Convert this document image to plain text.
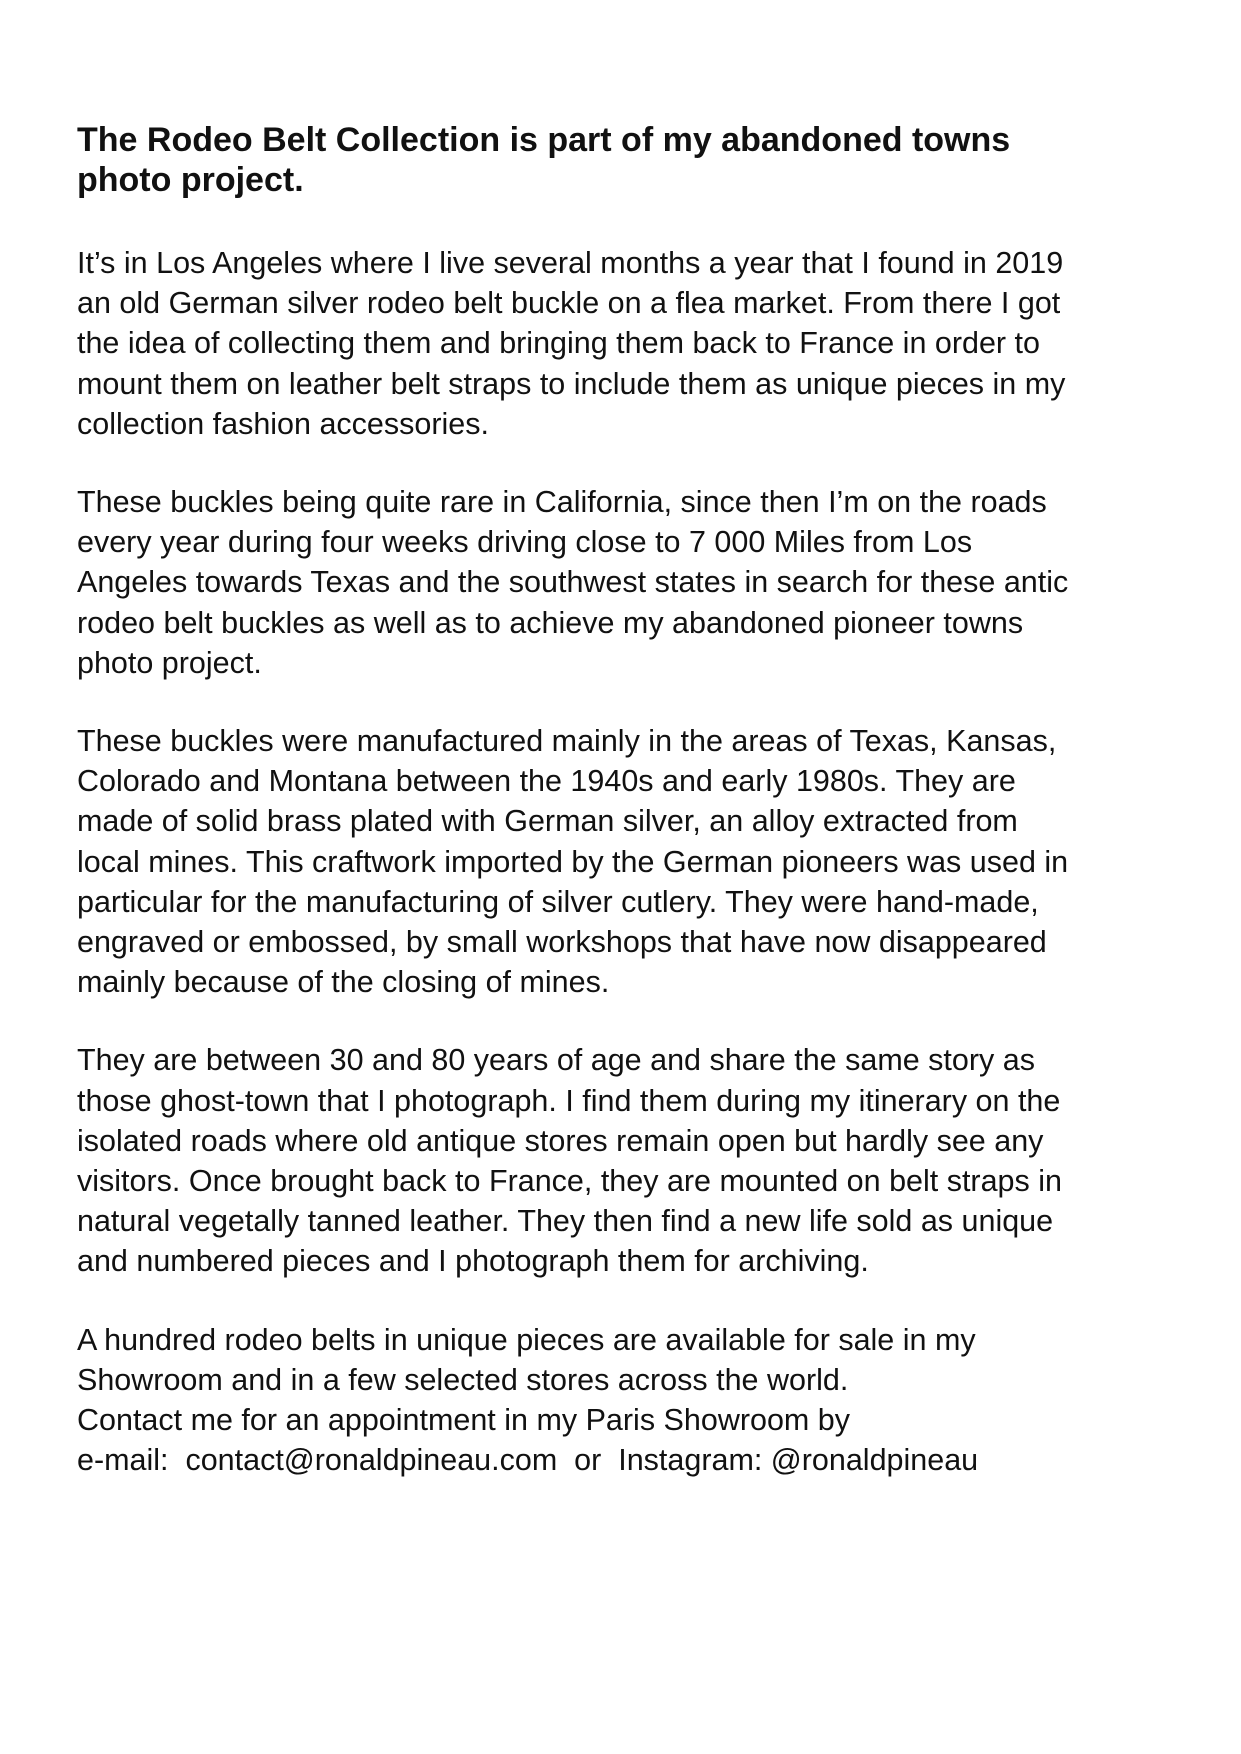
The Rodeo Belt Collection is part of my abandoned towns
photo project.

It’s in Los Angeles where I live several months a year that I found in 2019
an old German silver rodeo belt buckle on a flea market. From there I got
the idea of collecting them and bringing them back to France in order to
mount them on leather belt straps to include them as unique pieces in my
collection fashion accessories.

These buckles being quite rare in California, since then I’m on the roads
every year during four weeks driving close to 7 000 Miles from Los
Angeles towards Texas and the southwest states in search for these antic
rodeo belt buckles as well as to achieve my abandoned pioneer towns
photo project.

These buckles were manufactured mainly in the areas of Texas, Kansas,
Colorado and Montana between the 1940s and early 1980s. They are
made of solid brass plated with German silver, an alloy extracted from
local mines. This craftwork imported by the German pioneers was used in
particular for the manufacturing of silver cutlery. They were hand-made,
engraved or embossed, by small workshops that have now disappeared
mainly because of the closing of mines.

They are between 30 and 80 years of age and share the same story as
those ghost-town that I photograph. I find them during my itinerary on the
isolated roads where old antique stores remain open but hardly see any
visitors. Once brought back to France, they are mounted on belt straps in
natural vegetally tanned leather. They then find a new life sold as unique
and numbered pieces and I photograph them for archiving.

A hundred rodeo belts in unique pieces are available for sale in my
Showroom and in a few selected stores across the world.
Contact me for an appointment in my Paris Showroom by
e-mail:  contact@ronaldpineau.com  or  Instagram: @ronaldpineau
